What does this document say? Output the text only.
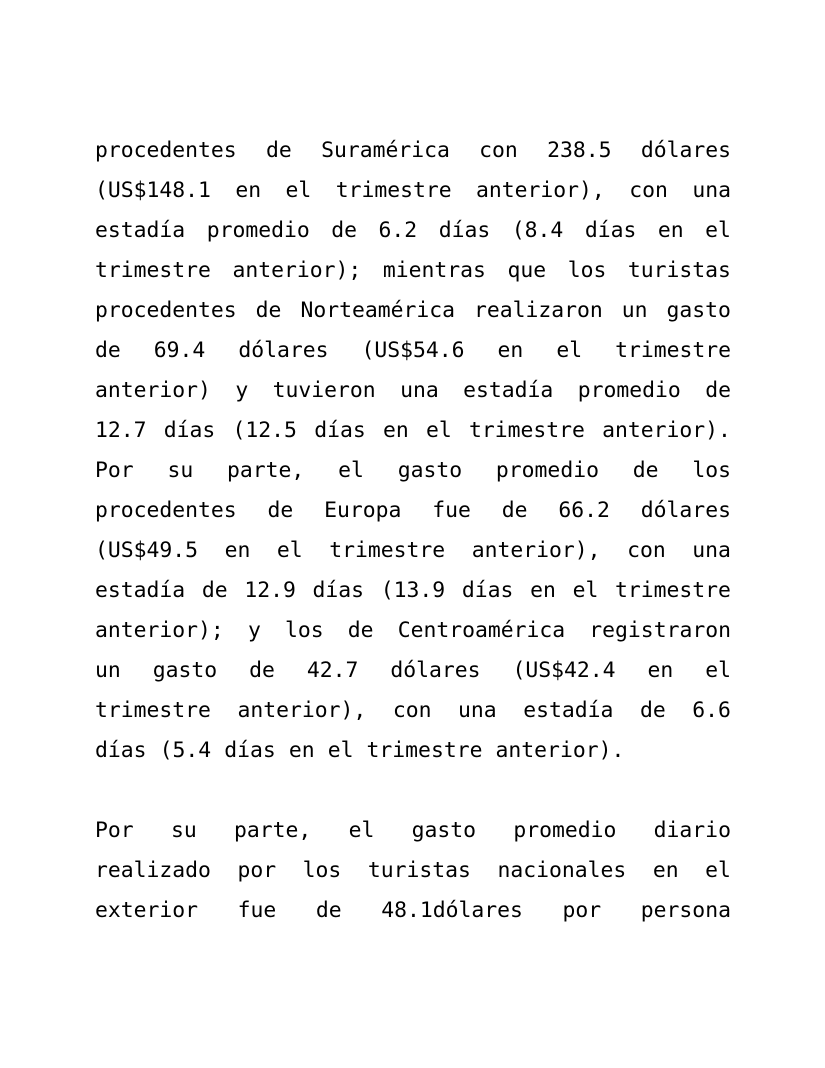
procedentes de Suramérica con 238.5 dólares
(US$148.1 en el trimestre anterior), con una
estadía promedio de 6.2 días (8.4 días en el
trimestre anterior); mientras que los turistas
procedentes de Norteamérica realizaron un gasto
de 69.4 dólares (US$54.6 en el trimestre
anterior) y tuvieron una estadía promedio de
12.7 días (12.5 días en el trimestre anterior).
Por su parte, el gasto promedio de los
procedentes de Europa fue de 66.2 dólares
(US$49.5 en el trimestre anterior), con una
estadía de 12.9 días (13.9 días en el trimestre
anterior); y los de Centroamérica registraron
un gasto de 42.7 dólares (US$42.4 en el
trimestre anterior), con una estadía de 6.6
días (5.4 días en el trimestre anterior).
Por su parte, el gasto promedio diario
realizado por los turistas nacionales en el
exterior fue de 48.1dólares por persona
